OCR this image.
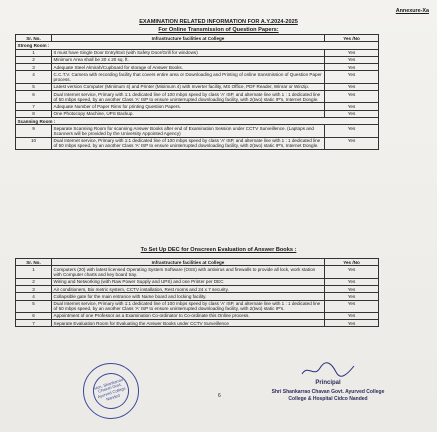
Annexure-Xa
EXAMINATION RELATED INFORMATION FOR A.Y.2024-2025
For Online Transmission of Question Papers:
Sr. No.	Infrastructure facilities at College	Yes /No
Strong Room :		
1	It must have Single Door Entry/Exit (with Safety Door/Grill for windows)	Yes
2	Minimum Area shall be 20 x 20 sq. ft.	Yes
3	Adequate Steel Almirah/Cupboard for storage of Answer Books.	Yes
4	C.C.T.V. Camera with recording facility that covers entire area or Downloading and Printing of online transmission of Question Paper process.	Yes
5	Latest version Computer (Minimum 4) and Printer (Minimum 4) with Inverter facility, MS Office, PDF Reader, Winrar or Winzip.	Yes
6	Dual Internet service, Primary with 1:1 dedicated line of 100 mbps speed by class 'A' ISP, and alternate line with 1 : 1 dedicated line of 50 mbps speed, by an another Class 'A' ISP to ensure uninterrupted downloading facility, with 2(two) static IP's, Internet Dongle.	Yes
7	Adequate Number of Paper Rims for printing Question Papers.	Yes
8	One Photocopy Machine, UPS Backup.	Yes
Scanning Room :		
9	Separate Scanning Room for scanning Answer Books after end of Examination Session under CCTV Surveillence. (Laptops and Scanners will be provided by the University Appointed Agency)	Yes
10	Dual Internet service, Primary with 1:1 dedicated line of 100 mbps speed by class 'A' ISP, and alternate line with 1 : 1 dedicated line of 50 mbps speed, by an another Class 'A' ISP to ensure uninterrupted downloading facility, with 2(two) static IP's, Internet Dongle.	Yes
To Set Up DEC for Onscreen Evaluation of Answer Books :
Sr. No.	Infrastructure facilities at College	Yes /No
1	Computers (20) with latest licensed Operating System Software (OSS) with antivirus and firewalls to provide all lock, work station with Computer charts and key board tray.	Yes
2	Wiring and Networking (with Raw Power Supply and UPS) and one Printer per DEC	Yes
3	Air conditioners, Bio metric system, CCTV installation, Rest rooms and 24 x 7 security.	Yes
4	Collapsible gate for the main entrance with Name board and locking facility.	Yes
5	Dual Internet service, Primary with 1:1 dedicated line of 100 mbps speed by class 'A' ISP, and alternate line with 1 : 1 dedicated line of 50 mbps speed, by an another Class 'A' ISP to ensure uninterrupted downloading facility, with 2(two) static IP's.	Yes
6	Appointment of one Professor as a Examination Co-ordinator to Co-ordinate this Online process.	Yes
7	Separate Evaluation Room for Evaluating the Answer Books under CCTV Surveillence	Yes
Hon. Shankarrao Chavan Govt. Ayurved College Nanded	6
Principal
Shri Shankarrao Chavan Govt. Ayurved College
College & Hospital Cidco Nanded
